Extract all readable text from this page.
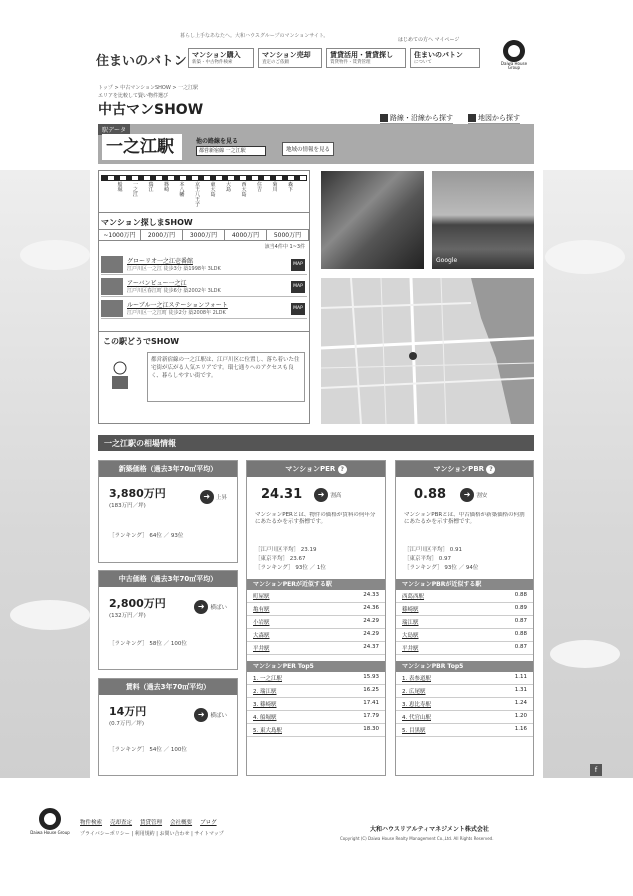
暮らし上手なあなたへ。大和ハウスグループのマンションサイト。
住まいのバトン マンション購入
新築・中古物件検索
マンション売却
査定のご依頼
賃貸活用・賃貸探し
賃貸物件・賃貸管理
住まいのバトン
について
はじめての方へ マイページ
Daiwa House Group
トップ > 中古マンションSHOW > 一之江駅
エリアを比較して賢い物件選び
中古マンSHOW	路線・沿線から探す	地図から探す
駅データ
一之江駅	他の路線を見る
都営新宿線 一之江駅	地域の情報を見る
船堀
一之江
瑞江
篠崎
本八幡
京王八王子
東大島
大島
西大島
住吉
菊川
森下
マンション探しまSHOW
~1000万円	2000万円	3000万円	4000万円	5000万円
該当4件中 1~3件
グローリオ一之江壱番館
江戸川区一之江 徒歩3分 築1998年 3LDK
MAP
アーバンビュー一之江
江戸川区春江町 徒歩6分 築2002年 3LDK
MAP
ルーブル一之江ステーションフォート
江戸川区一之江町 徒歩2分 築2008年 2LDK
MAP
この駅どうでSHOW
都営新宿線の一之江駅は、江戸川区に位置し、落ち着いた住宅街が広がる人気エリアです。環七通りへのアクセスも良く、暮らしやすい街です。
Google
一之江駅の相場情報
新築価格（過去3年70㎡平均）
3,880万円
(183万円／坪)
➜ 上昇
［ランキング］ 64位 ／ 93位
中古価格（過去3年70㎡平均）
2,800万円
(132万円／坪)
➜ 横ばい
［ランキング］ 58位 ／ 100位
賃料（過去3年70㎡平均）
14万円
(0.7万円／坪)
➜ 横ばい
［ランキング］ 54位 ／ 100位
マンションPER ?
24.31	➜ 割高
マンションPERとは、物件の価格が賃料の何年分にあたるかを示す指標です。
［江戸川区平均］ 23.19
［東京平均］ 23.67
［ランキング］ 93位 ／ 1位
マンションPERが近似する駅
町屋駅	24.33
亀有駅	24.36
小岩駅	24.29
大森駅	24.29
平井駅	24.37
マンションPER Top5
1. 一之江駅	15.93
2. 瑞江駅	16.25
3. 篠崎駅	17.41
4. 船堀駅	17.79
5. 東大島駅	18.30
マンションPBR ?
0.88	➜ 割安
マンションPBRとは、中古価格が新築価格の何割にあたるかを示す指標です。
［江戸川区平均］ 0.91
［東京平均］ 0.97
［ランキング］ 93位 ／ 94位
マンションPBRが近似する駅
西葛西駅	0.88
篠崎駅	0.89
瑞江駅	0.87
大島駅	0.88
平井駅	0.87
マンションPBR Top5
1. 表参道駅	1.11
2. 広尾駅	1.31
3. 恵比寿駅	1.24
4. 代官山駅	1.20
5. 目黒駅	1.16
f
Daiwa House Group
物件検索 売却査定 賃貸管理 会社概要 ブログ
プライバシーポリシー | 利用規約 | お問い合わせ | サイトマップ
大和ハウスリアルティマネジメント株式会社
Copyright (C) Daiwa House Realty Management Co.,Ltd. All Rights Reserved.
